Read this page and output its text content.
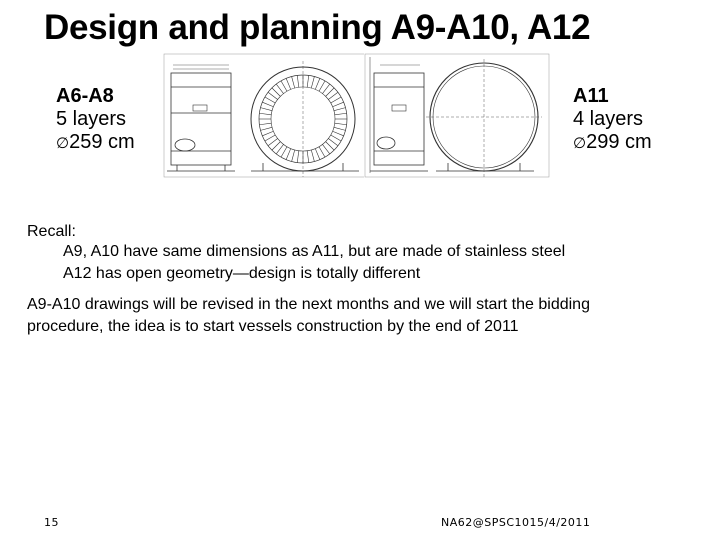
Design and planning A9-A10, A12
A6-A8
5 layers
∅259 cm
A11
4 layers
∅299 cm
Recall:
A9, A10 have same dimensions as A11, but are made of stainless steel
A12 has open geometry—design is totally different
A9-A10 drawings will be revised in the next months and we will start the bidding
procedure, the idea is to start vessels construction by the end of 2011
15	NA62@SPSC101 5/4/2011
